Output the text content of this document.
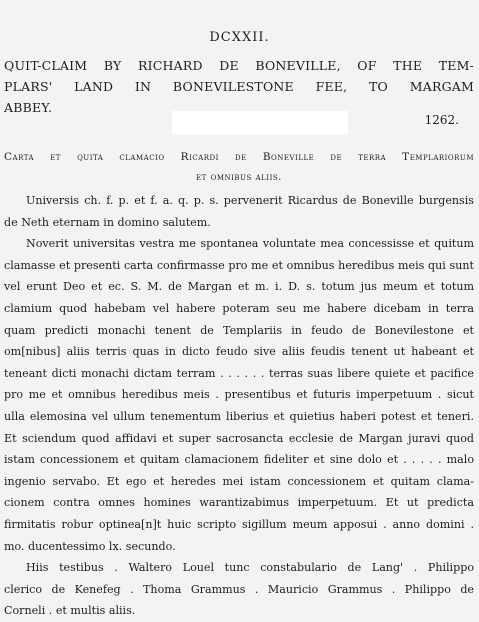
DCXXII.
QUIT-CLAIM BY RICHARD DE BONEVILLE, OF THE TEM-
PLARS' LAND IN BONEVILESTONE FEE, TO MARGAM
ABBEY.
1262.
Carta et quita clamacio Ricardi de Boneville de terra Templariorum
et omnibus aliis.
Universis ch. f. p. et f. a. q. p. s. pervenerit Ricardus de Boneville burgensis
de Neth eternam in domino salutem.
Noverit universitas vestra me spontanea voluntate mea concessisse et quitum
clamasse et presenti carta confirmasse pro me et omnibus heredibus meis qui sunt
vel erunt Deo et ec. S. M. de Margan et m. i. D. s. totum jus meum et totum
clamium quod habebam vel habere poteram seu me habere dicebam in terra
quam predicti monachi tenent de Templariis in feudo de Bonevilestone et
om[nibus] aliis terris quas in dicto feudo sive aliis feudis tenent ut habeant et
teneant dicti monachi dictam terram . . . . . . terras suas libere quiete et pacifice
pro me et omnibus heredibus meis . presentibus et futuris imperpetuum . sicut
ulla elemosina vel ullum tenementum liberius et quietius haberi potest et teneri.
Et sciendum quod affidavi et super sacrosancta ecclesie de Margan juravi quod
istam concessionem et quitam clamacionem fideliter et sine dolo et . . . . . malo
ingenio servabo. Et ego et heredes mei istam concessionem et quitam clama-
cionem contra omnes homines warantizabimus imperpetuum. Et ut predicta
firmitatis robur optinea[n]t huic scripto sigillum meum apposui . anno domini .
mo. ducentessimo lx. secundo.
Hiis testibus . Waltero Louel tunc constabulario de Lang' . Philippo
clerico de Kenefeg . Thoma Grammus . Mauricio Grammus . Philippo de
Corneli . et multis aliis.
